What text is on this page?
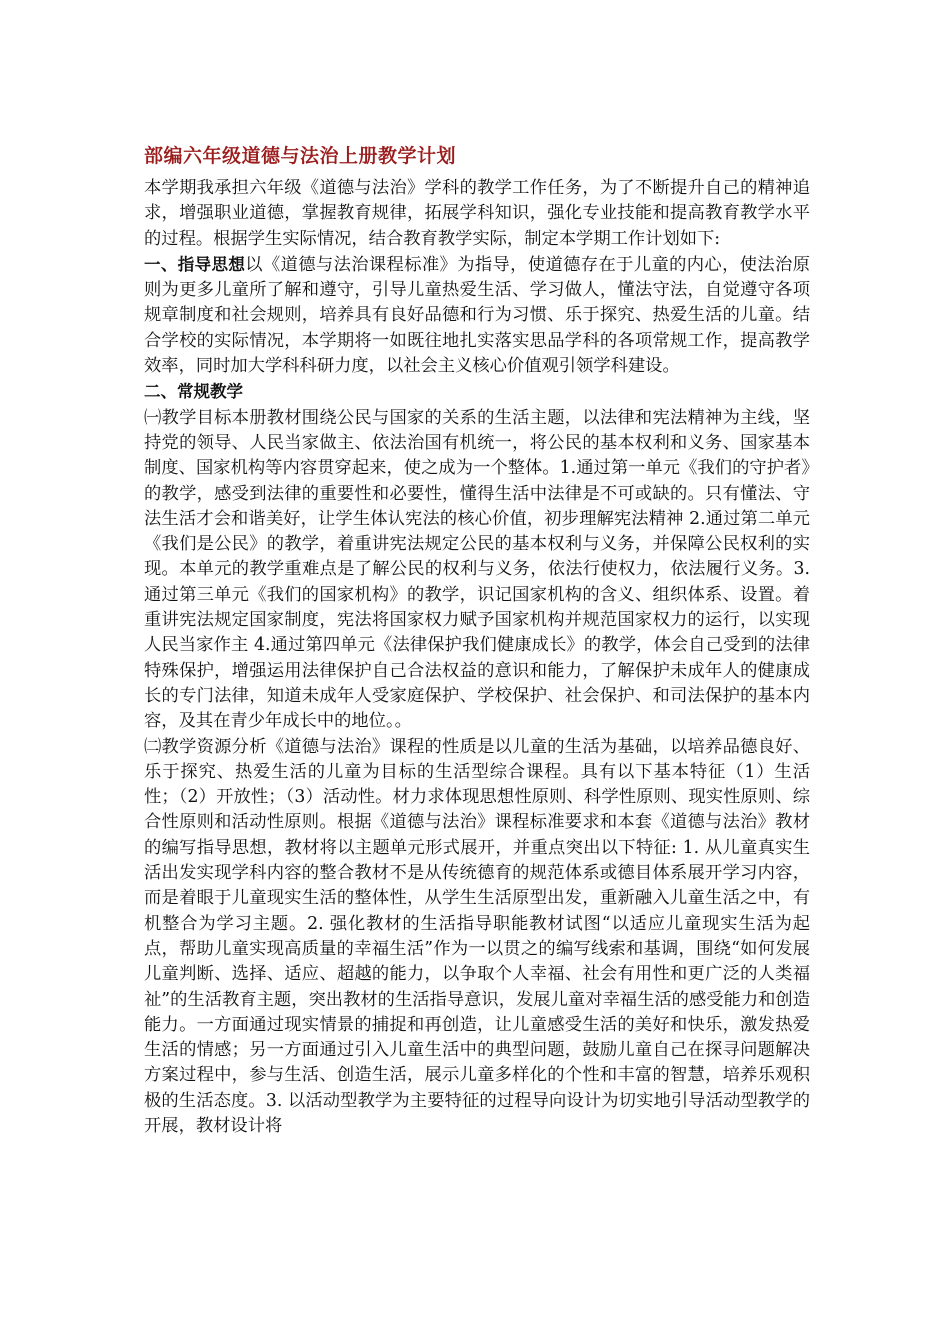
部编六年级道德与法治上册教学计划

本学期我承担六年级《道德与法治》学科的教学工作任务，为了不断提升自己的精神追求，增强职业道德，掌握教育规律，拓展学科知识，强化专业技能和提高教育教学水平的过程。根据学生实际情况，结合教育教学实际，制定本学期工作计划如下:

一、指导思想以《道德与法治课程标准》为指导，使道德存在于儿童的内心，使法治原则为更多儿童所了解和遵守，引导儿童热爱生活、学习做人，懂法守法，自觉遵守各项规章制度和社会规则，培养具有良好品德和行为习惯、乐于探究、热爱生活的儿童。结合学校的实际情况，本学期将一如既往地扎实落实思品学科的各项常规工作，提高教学效率，同时加大学科科研力度，以社会主义核心价值观引领学科建设。

二、常规教学

㈠教学目标本册教材围绕公民与国家的关系的生活主题，以法律和宪法精神为主线，坚持党的领导、人民当家做主、依法治国有机统一，将公民的基本权利和义务、国家基本制度、国家机构等内容贯穿起来，使之成为一个整体。1.通过第一单元《我们的守护者》的教学，感受到法律的重要性和必要性，懂得生活中法律是不可或缺的。只有懂法、守法生活才会和谐美好，让学生体认宪法的核心价值，初步理解宪法精神 2.通过第二单元《我们是公民》的教学，着重讲宪法规定公民的基本权利与义务，并保障公民权利的实现。本单元的教学重难点是了解公民的权利与义务，依法行使权力，依法履行义务。3.通过第三单元《我们的国家机构》的教学，识记国家机构的含义、组织体系、设置。着重讲宪法规定国家制度，宪法将国家权力赋予国家机构并规范国家权力的运行，以实现人民当家作主 4.通过第四单元《法律保护我们健康成长》的教学，体会自己受到的法律特殊保护，增强运用法律保护自己合法权益的意识和能力，了解保护未成年人的健康成长的专门法律，知道未成年人受家庭保护、学校保护、社会保护、和司法保护的基本内容，及其在青少年成长中的地位。。

㈡教学资源分析《道德与法治》课程的性质是以儿童的生活为基础，以培养品德良好、乐于探究、热爱生活的儿童为目标的生活型综合课程。具有以下基本特征（1）生活性；（2）开放性；（3）活动性。材力求体现思想性原则、科学性原则、现实性原则、综合性原则和活动性原则。根据《道德与法治》课程标准要求和本套《道德与法治》教材的编写指导思想，教材将以主题单元形式展开，并重点突出以下特征: 1. 从儿童真实生活出发实现学科内容的整合教材不是从传统德育的规范体系或德目体系展开学习内容，而是着眼于儿童现实生活的整体性，从学生生活原型出发，重新融入儿童生活之中，有机整合为学习主题。2. 强化教材的生活指导职能教材试图“以适应儿童现实生活为起点，帮助儿童实现高质量的幸福生活”作为一以贯之的编写线索和基调，围绕“如何发展儿童判断、选择、适应、超越的能力，以争取个人幸福、社会有用性和更广泛的人类福祉”的生活教育主题，突出教材的生活指导意识，发展儿童对幸福生活的感受能力和创造能力。一方面通过现实情景的捕捉和再创造，让儿童感受生活的美好和快乐，激发热爱生活的情感；另一方面通过引入儿童生活中的典型问题，鼓励儿童自己在探寻问题解决方案过程中，参与生活、创造生活，展示儿童多样化的个性和丰富的智慧，培养乐观积极的生活态度。3. 以活动型教学为主要特征的过程导向设计为切实地引导活动型教学的开展，教材设计将
